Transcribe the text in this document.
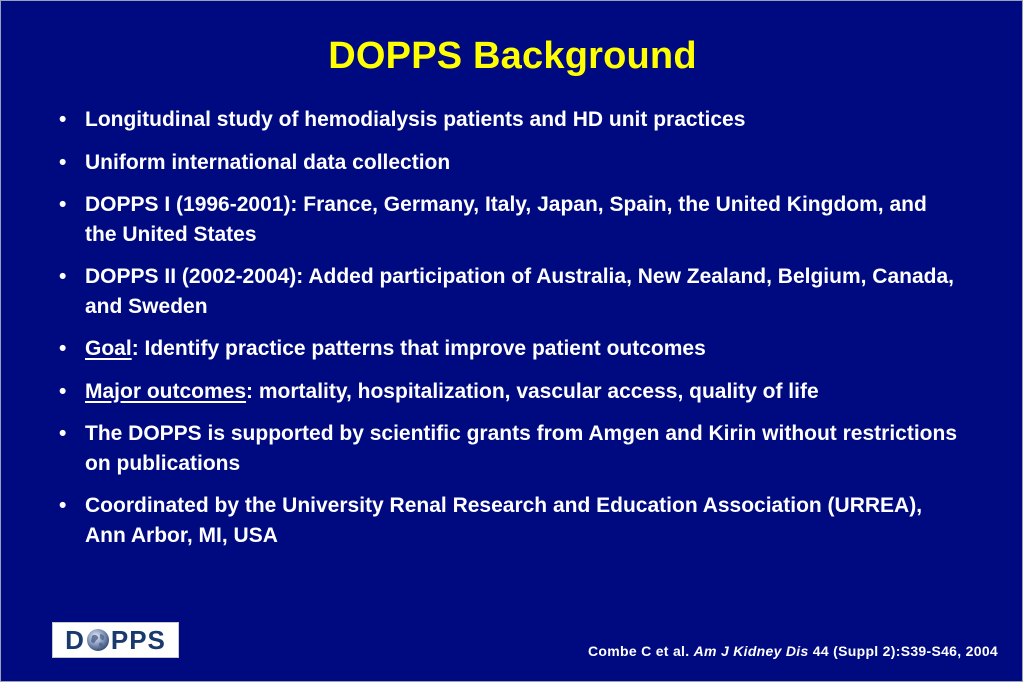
DOPPS Background
• Longitudinal study of hemodialysis patients and HD unit practices
• Uniform international data collection
• DOPPS I (1996-2001): France, Germany, Italy, Japan, Spain, the United Kingdom, and the United States
• DOPPS II (2002-2004): Added participation of Australia, New Zealand, Belgium, Canada, and Sweden
• Goal: Identify practice patterns that improve patient outcomes
• Major outcomes: mortality, hospitalization, vascular access, quality of life
• The DOPPS is supported by scientific grants from Amgen and Kirin without restrictions on publications
• Coordinated by the University Renal Research and Education Association (URREA), Ann Arbor, MI, USA
D PPS	Combe C et al. Am J Kidney Dis 44 (Suppl 2):S39-S46, 2004
